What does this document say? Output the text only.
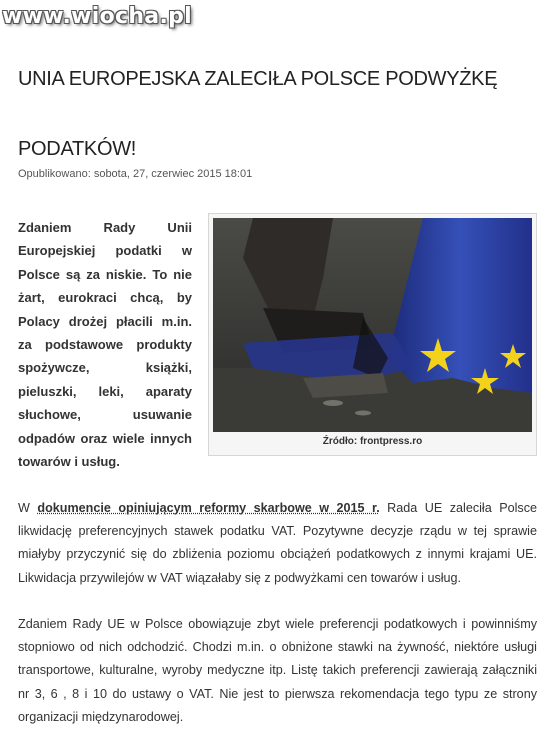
www.wiocha.pl
UNIA EUROPEJSKA ZALECIŁA POLSCE PODWYŻKĘ PODATKÓW!
Opublikowano: sobota, 27, czerwiec 2015 18:01

Zdaniem Rady Unii Europejskiej podatki w Polsce są za niskie. To nie żart, eurokraci chcą, by Polacy drożej płacili m.in. za podstawowe produkty spożywcze, książki, pieluszki, leki, aparaty słuchowe, usuwanie odpadów oraz wiele innych towarów i usług.

Źródło: frontpress.ro

W dokumencie opiniującym reformy skarbowe w 2015 r. Rada UE zaleciła Polsce likwidację preferencyjnych stawek podatku VAT. Pozytywne decyzje rządu w tej sprawie miałyby przyczynić się do zbliżenia poziomu obciążeń podatkowych z innymi krajami UE. Likwidacja przywilejów w VAT wiązałaby się z podwyżkami cen towarów i usług.

Zdaniem Rady UE w Polsce obowiązuje zbyt wiele preferencji podatkowych i powinniśmy stopniowo od nich odchodzić. Chodzi m.in. o obniżone stawki na żywność, niektóre usługi transportowe, kulturalne, wyroby medyczne itp. Listę takich preferencji zawierają załączniki nr 3, 6 , 8 i 10 do ustawy o VAT. Nie jest to pierwsza rekomendacja tego typu ze strony organizacji międzynarodowej.
